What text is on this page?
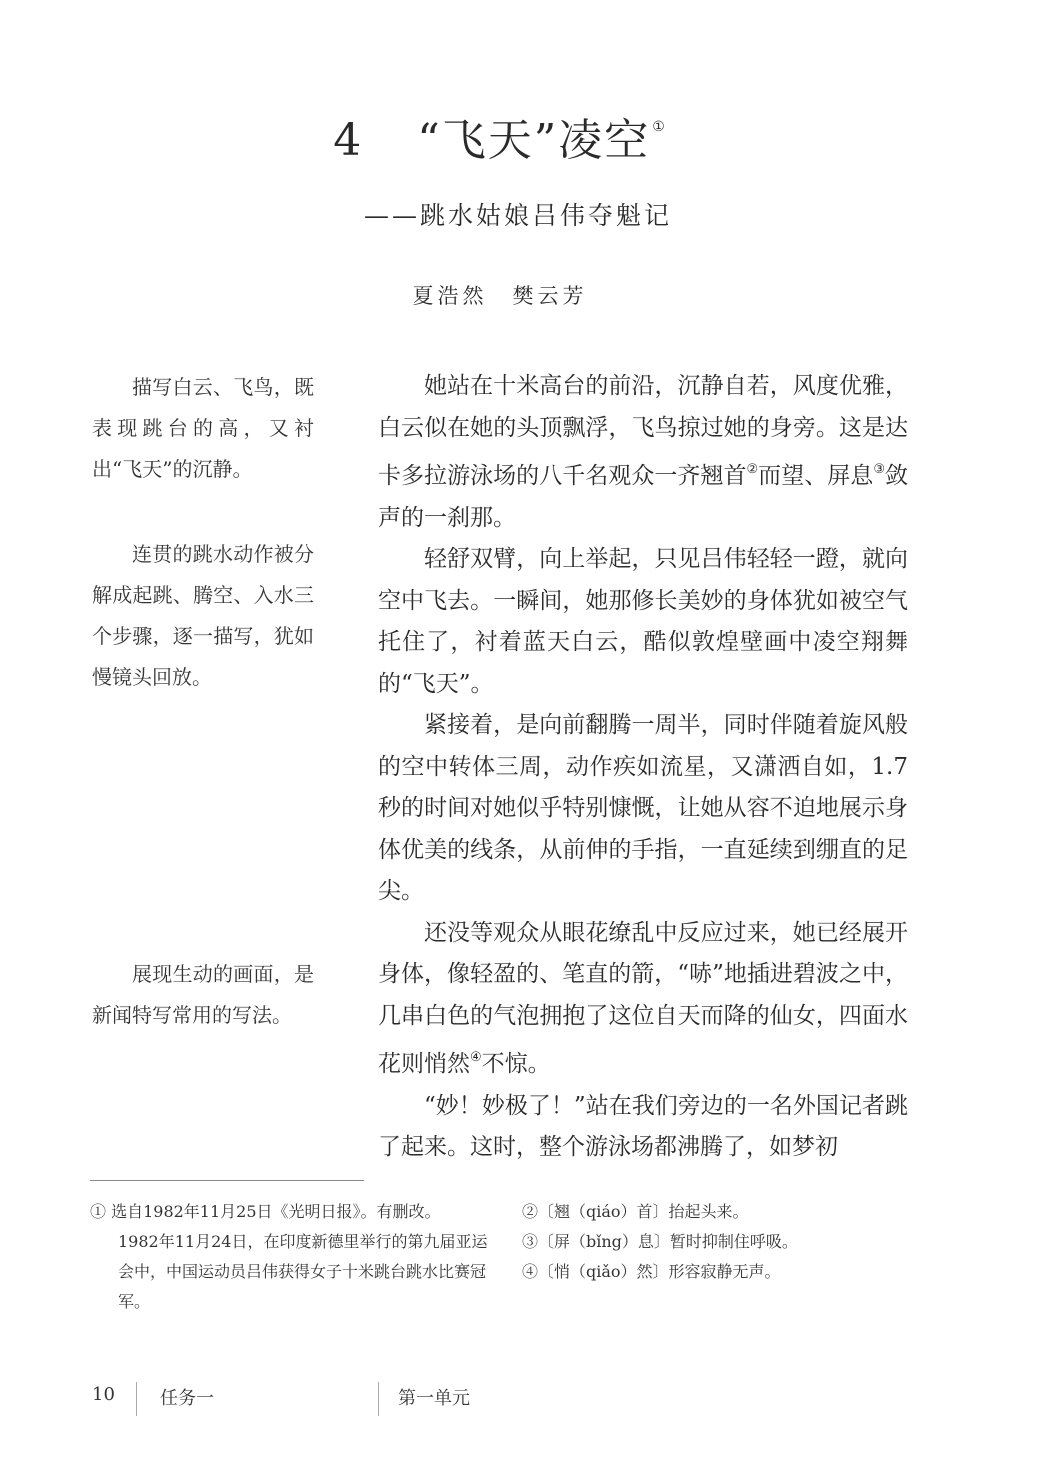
4 “飞天”凌空 ①
——跳水姑娘吕伟夺魁记
夏浩然　樊云芳
描写白云、飞鸟，既表现跳台的高，又衬出“飞天”的沉静。
连贯的跳水动作被分解成起跳、腾空、入水三个步骤，逐一描写，犹如慢镜头回放。
展现生动的画面，是新闻特写常用的写法。

她站在十米高台的前沿，沉静自若，风度优雅，白云似在她的头顶飘浮，飞鸟掠过她的身旁。这是达卡多拉游泳场的八千名观众一齐翘首②而望、屏息③敛声的一刹那。

轻舒双臂，向上举起，只见吕伟轻轻一蹬，就向空中飞去。一瞬间，她那修长美妙的身体犹如被空气托住了，衬着蓝天白云，酷似敦煌壁画中凌空翔舞的“飞天”。

紧接着，是向前翻腾一周半，同时伴随着旋风般的空中转体三周，动作疾如流星，又潇洒自如，1.7秒的时间对她似乎特别慷慨，让她从容不迫地展示身体优美的线条，从前伸的手指，一直延续到绷直的足尖。

还没等观众从眼花缭乱中反应过来，她已经展开身体，像轻盈的、笔直的箭，“哧”地插进碧波之中，几串白色的气泡拥抱了这位自天而降的仙女，四面水花则悄然④不惊。

“妙！妙极了！”站在我们旁边的一名外国记者跳了起来。这时，整个游泳场都沸腾了，如梦初

① 选自1982年11月25日《光明日报》。有删改。
1982年11月24日，在印度新德里举行的第九届亚运会中，中国运动员吕伟获得女子十米跳台跳水比赛冠军。
②〔翘（qiáo）首〕抬起头来。
③〔屏（bǐng）息〕暂时抑制住呼吸。
④〔悄（qiǎo）然〕形容寂静无声。
10	任务一	第一单元
